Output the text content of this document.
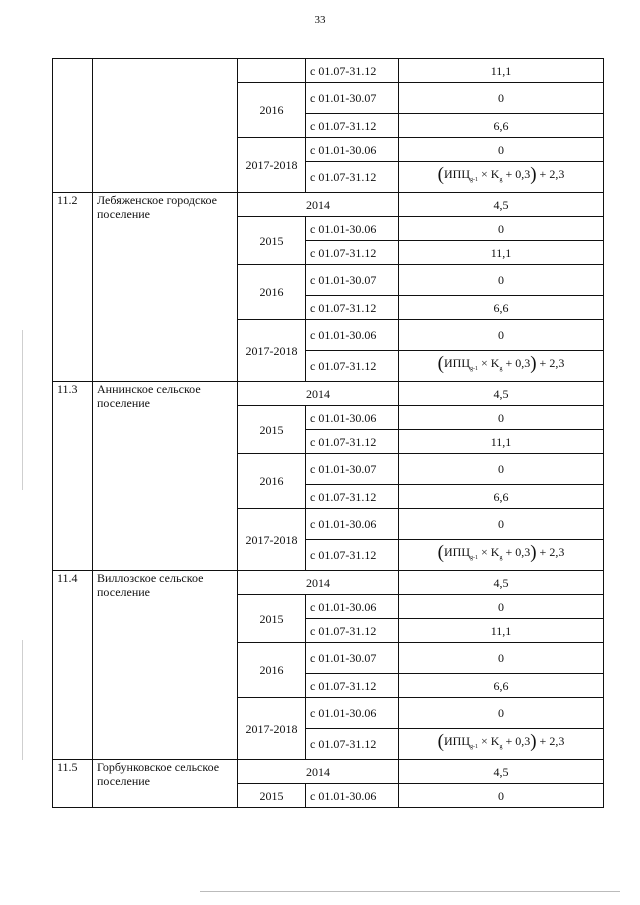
33
			с 01.07-31.12	11,1
		2016	с 01.01-30.07	0
			с 01.07-31.12	6,6
		2017-2018	с 01.01-30.06	0
			с 01.07-31.12	$(ИПЦ_{g-1} \times K_g + 0,3) + 2,3$
11.2	Лебяженское городское поселение	2014		4,5
		2015	с 01.01-30.06	0
			с 01.07-31.12	11,1
		2016	с 01.01-30.07	0
			с 01.07-31.12	6,6
		2017-2018	с 01.01-30.06	0
			с 01.07-31.12	$(ИПЦ_{g-1} \times K_g + 0,3) + 2,3$
11.3	Аннинское сельское поселение	2014		4,5
		2015	с 01.01-30.06	0
			с 01.07-31.12	11,1
		2016	с 01.01-30.07	0
			с 01.07-31.12	6,6
		2017-2018	с 01.01-30.06	0
			с 01.07-31.12	$(ИПЦ_{g-1} \times K_g + 0,3) + 2,3$
11.4	Виллозское сельское поселение	2014		4,5
		2015	с 01.01-30.06	0
			с 01.07-31.12	11,1
		2016	с 01.01-30.07	0
			с 01.07-31.12	6,6
		2017-2018	с 01.01-30.06	0
			с 01.07-31.12	$(ИПЦ_{g-1} \times K_g + 0,3) + 2,3$
11.5	Горбунковское сельское поселение	2014		4,5
		2015	с 01.01-30.06	0
